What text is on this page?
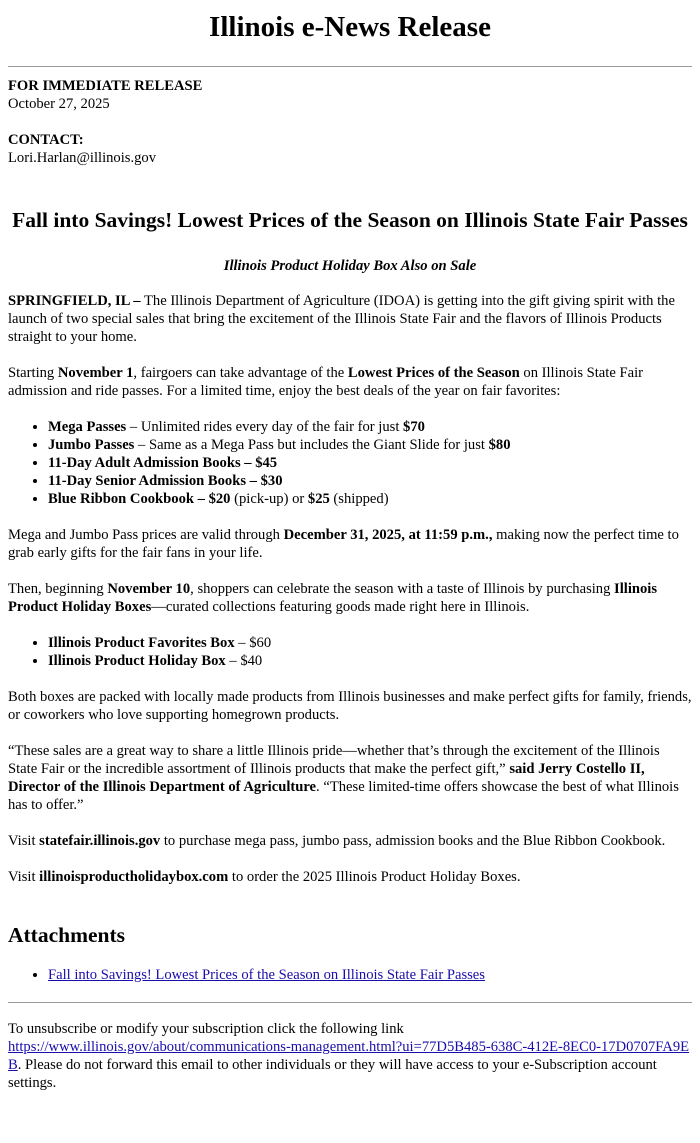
Illinois e-News Release

FOR IMMEDIATE RELEASE

October 27, 2025

CONTACT:

Lori.Harlan@illinois.gov

Fall into Savings! Lowest Prices of the Season on Illinois State Fair Passes

Illinois Product Holiday Box Also on Sale

SPRINGFIELD, IL – The Illinois Department of Agriculture (IDOA) is getting into the gift giving spirit with the launch of two special sales that bring the excitement of the Illinois State Fair and the flavors of Illinois Products straight to your home.

Starting November 1, fairgoers can take advantage of the Lowest Prices of the Season on Illinois State Fair admission and ride passes. For a limited time, enjoy the best deals of the year on fair favorites:

• Mega Passes – Unlimited rides every day of the fair for just $70
• Jumbo Passes – Same as a Mega Pass but includes the Giant Slide for just $80
• 11-Day Adult Admission Books – $45
• 11-Day Senior Admission Books – $30
• Blue Ribbon Cookbook – $20 (pick-up) or $25 (shipped)

Mega and Jumbo Pass prices are valid through December 31, 2025, at 11:59 p.m., making now the perfect time to grab early gifts for the fair fans in your life.

Then, beginning November 10, shoppers can celebrate the season with a taste of Illinois by purchasing Illinois Product Holiday Boxes—curated collections featuring goods made right here in Illinois.

• Illinois Product Favorites Box – $60
• Illinois Product Holiday Box – $40

Both boxes are packed with locally made products from Illinois businesses and make perfect gifts for family, friends, or coworkers who love supporting homegrown products.

“These sales are a great way to share a little Illinois pride—whether that’s through the excitement of the Illinois State Fair or the incredible assortment of Illinois products that make the perfect gift,” said Jerry Costello II, Director of the Illinois Department of Agriculture. “These limited-time offers showcase the best of what Illinois has to offer.”

Visit statefair.illinois.gov to purchase mega pass, jumbo pass, admission books and the Blue Ribbon Cookbook.

Visit illinoisproductholidaybox.com to order the 2025 Illinois Product Holiday Boxes.

Attachments
• Fall into Savings! Lowest Prices of the Season on Illinois State Fair Passes

To unsubscribe or modify your subscription click the following link
https://www.illinois.gov/about/communications-management.html?ui=77D5B485-638C-412E-8EC0-17D0707FA9EB. Please do not forward this email to other individuals or they will have access to your e-Subscription account settings.
